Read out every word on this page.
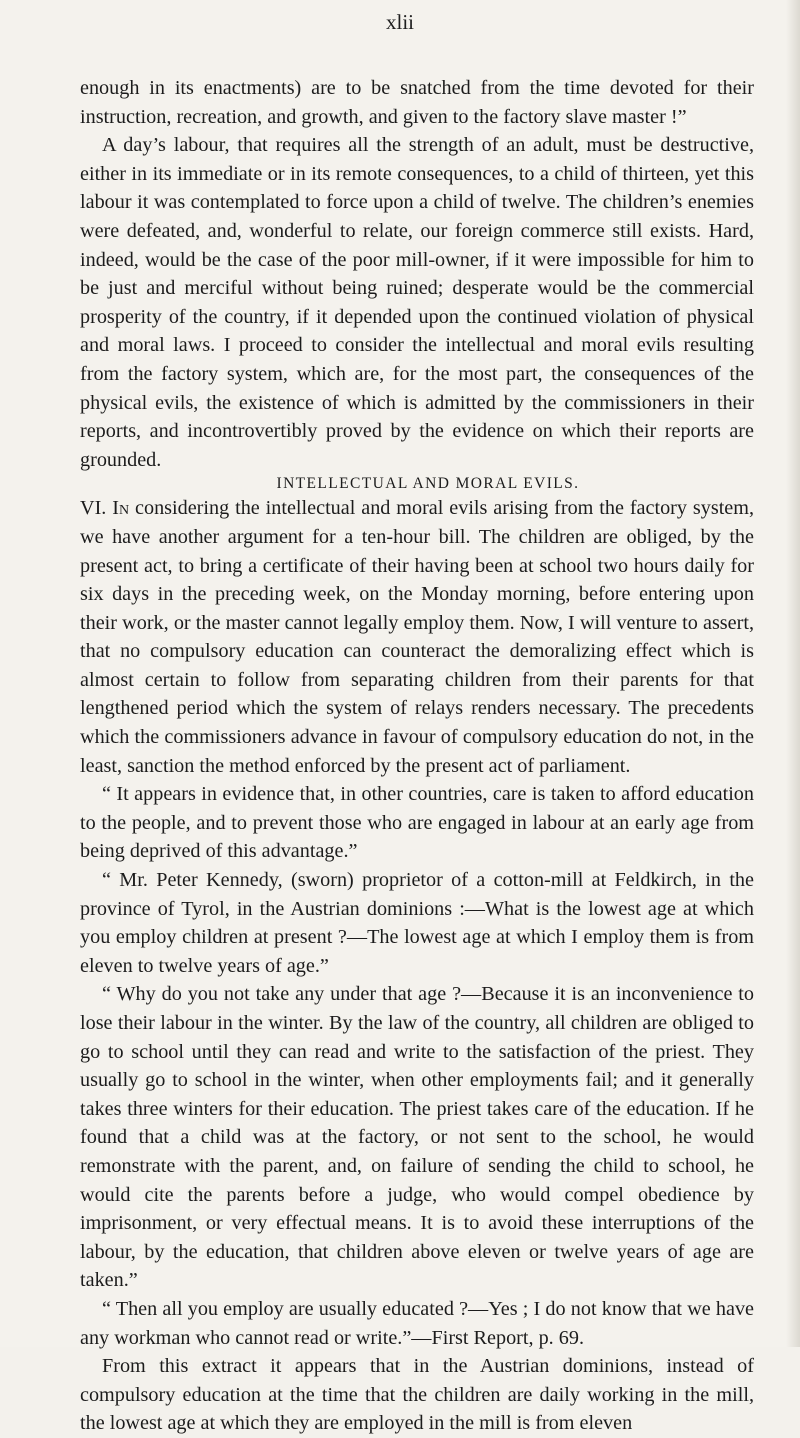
xlii

enough in its enactments) are to be snatched from the time devoted for their instruction, recreation, and growth, and given to the factory slave master !”

A day’s labour, that requires all the strength of an adult, must be destructive, either in its immediate or in its remote consequences, to a child of thirteen, yet this labour it was contemplated to force upon a child of twelve. The children’s enemies were defeated, and, wonderful to relate, our foreign commerce still exists. Hard, indeed, would be the case of the poor mill-owner, if it were impossible for him to be just and merciful without being ruined; desperate would be the commercial prosperity of the country, if it depended upon the continued violation of physical and moral laws. I proceed to consider the intellectual and moral evils resulting from the factory system, which are, for the most part, the consequences of the physical evils, the existence of which is admitted by the commissioners in their reports, and incontrovertibly proved by the evidence on which their reports are grounded.

INTELLECTUAL AND MORAL EVILS.

VI. In considering the intellectual and moral evils arising from the factory system, we have another argument for a ten-hour bill. The children are obliged, by the present act, to bring a certificate of their having been at school two hours daily for six days in the preceding week, on the Monday morning, before entering upon their work, or the master cannot legally employ them. Now, I will venture to assert, that no compulsory education can counteract the demoralizing effect which is almost certain to follow from separating children from their parents for that lengthened period which the system of relays renders necessary. The precedents which the commissioners advance in favour of compulsory education do not, in the least, sanction the method enforced by the present act of parliament.

“ It appears in evidence that, in other countries, care is taken to afford education to the people, and to prevent those who are engaged in labour at an early age from being deprived of this advantage.”

“ Mr. Peter Kennedy, (sworn) proprietor of a cotton-mill at Feldkirch, in the province of Tyrol, in the Austrian dominions :—What is the lowest age at which you employ children at present ?—The lowest age at which I employ them is from eleven to twelve years of age.”

“ Why do you not take any under that age ?—Because it is an inconvenience to lose their labour in the winter. By the law of the country, all children are obliged to go to school until they can read and write to the satisfaction of the priest. They usually go to school in the winter, when other employments fail; and it generally takes three winters for their education. The priest takes care of the education. If he found that a child was at the factory, or not sent to the school, he would remonstrate with the parent, and, on failure of sending the child to school, he would cite the parents before a judge, who would compel obedience by imprisonment, or very effectual means. It is to avoid these interruptions of the labour, by the education, that children above eleven or twelve years of age are taken.”

“ Then all you employ are usually educated ?—Yes ; I do not know that we have any workman who cannot read or write.”—First Report, p. 69.

From this extract it appears that in the Austrian dominions, instead of compulsory education at the time that the children are daily working in the mill, the lowest age at which they are employed in the mill is from eleven
